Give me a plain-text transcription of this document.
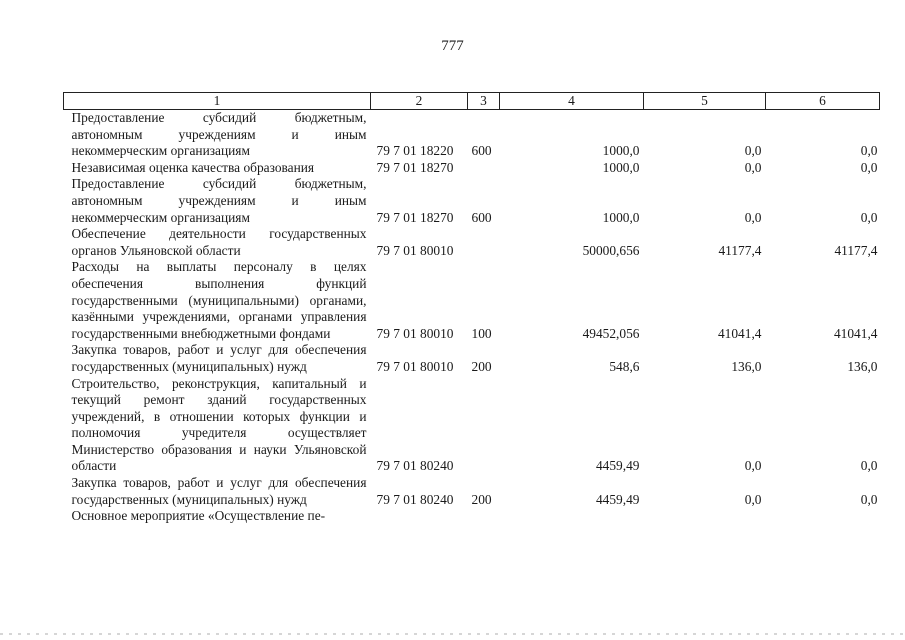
777
1	2	3	4	5	6
Предоставление субсидий бюджетным, автономным учреждениям и иным некоммерческим организациям	79 7 01 18220	600	1000,0	0,0	0,0
Независимая оценка качества образования	79 7 01 18270		1000,0	0,0	0,0
Предоставление субсидий бюджетным, автономным учреждениям и иным некоммерческим организациям	79 7 01 18270	600	1000,0	0,0	0,0
Обеспечение деятельности государственных органов Ульяновской области	79 7 01 80010		50000,656	41177,4	41177,4
Расходы на выплаты персоналу в целях обеспечения выполнения функций государственными (муниципальными) органами, казёнными учреждениями, органами управления государственными внебюджетными фондами	79 7 01 80010	100	49452,056	41041,4	41041,4
Закупка товаров, работ и услуг для обеспечения государственных (муниципальных) нужд	79 7 01 80010	200	548,6	136,0	136,0
Строительство, реконструкция, капитальный и текущий ремонт зданий государственных учреждений, в отношении которых функции и полномочия учредителя осуществляет Министерство образования и науки Ульяновской области	79 7 01 80240		4459,49	0,0	0,0
Закупка товаров, работ и услуг для обеспечения государственных (муниципальных) нужд	79 7 01 80240	200	4459,49	0,0	0,0
Основное мероприятие «Осуществление пе-					
